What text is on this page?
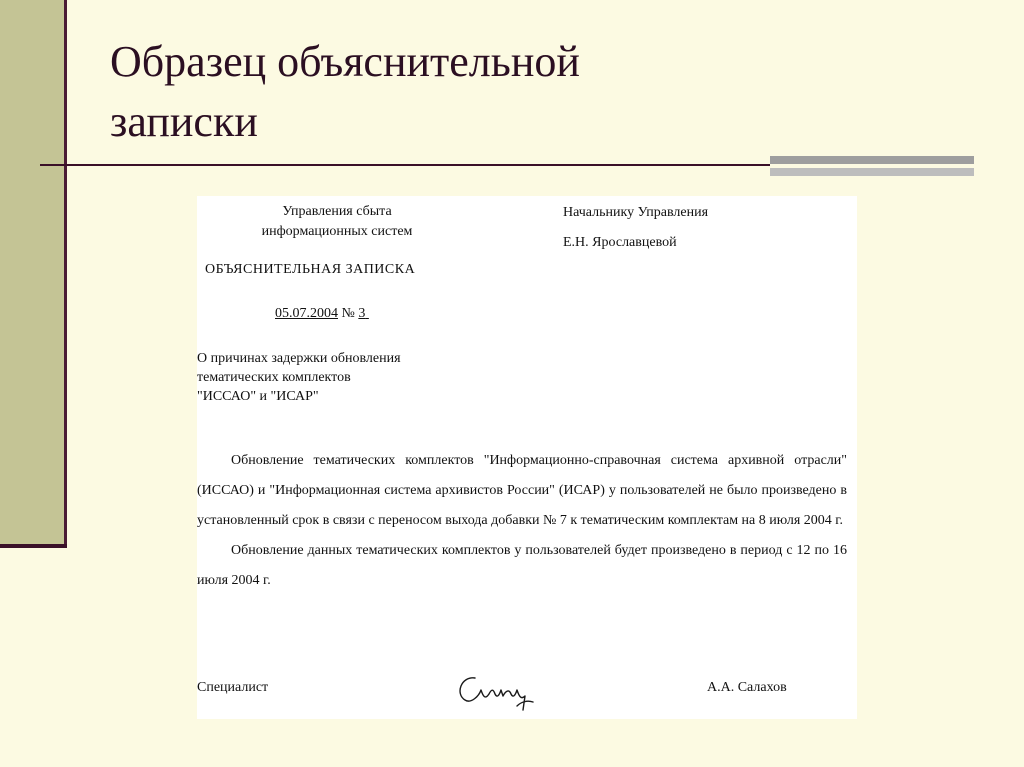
Образец объяснительной
записки
Управления сбыта
информационных систем
Начальнику Управления
Е.Н. Ярославцевой
ОБЪЯСНИТЕЛЬНАЯ ЗАПИСКА
05.07.2004 № 3
О причинах задержки обновления
тематических комплектов
"ИССАО" и "ИСАР"

Обновление тематических комплектов "Информационно-справочная система архивной отрасли" (ИССАО) и "Информационная система архивистов России" (ИСАР) у пользователей не было произведено в установленный срок в связи с переносом выхода добавки № 7 к тематическим комплектам на 8 июля 2004 г.

Обновление данных тематических комплектов у пользователей будет произведено в период с 12 по 16 июля 2004 г.

Специалист	А.А. Салахов
